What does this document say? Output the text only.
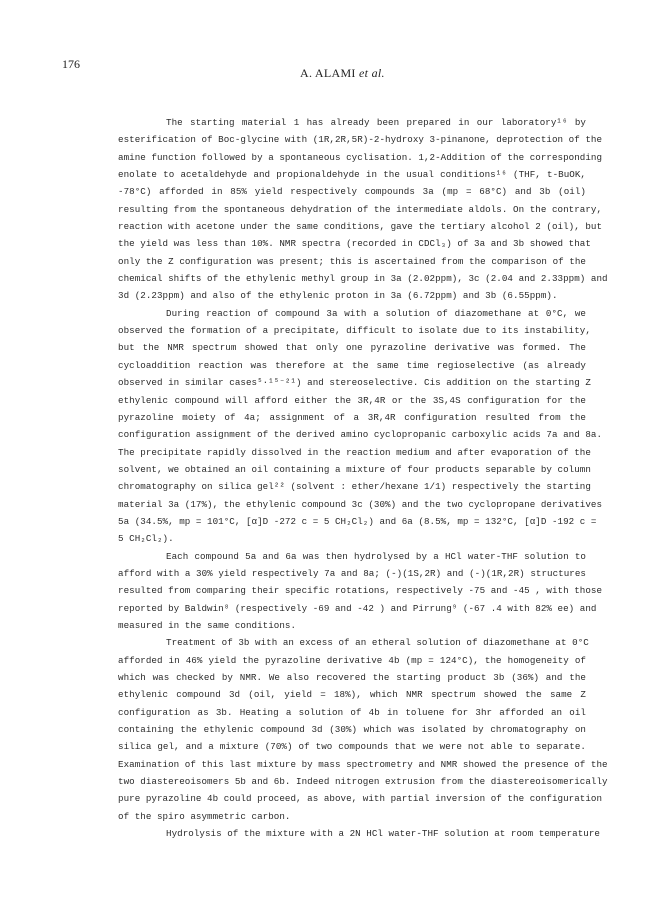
176
A. ALAMI et al.
The starting material 1 has already been prepared in our laboratory¹⁶ by
esterification of Boc-glycine with (1R,2R,5R)-2-hydroxy 3-pinanone, deprotection of the
amine function followed by a spontaneous cyclisation. 1,2-Addition of the corresponding
enolate to acetaldehyde and propionaldehyde in the usual conditions¹⁶ (THF, t-BuOK,
-78°C) afforded in 85% yield respectively compounds 3a (mp = 68°C) and 3b (oil)
resulting from the spontaneous dehydration of the intermediate aldols. On the contrary,
reaction with acetone under the same conditions, gave the tertiary alcohol 2 (oil), but
the yield was less than 10%. NMR spectra (recorded in CDCl₃) of 3a and 3b showed that
only the Z configuration was present; this is ascertained from the comparison of the
chemical shifts of the ethylenic methyl group in 3a (2.02ppm), 3c (2.04 and 2.33ppm) and
3d (2.23ppm) and also of the ethylenic proton in 3a (6.72ppm) and 3b (6.55ppm).
During reaction of compound 3a with a solution of diazomethane at 0°C, we
observed the formation of a precipitate, difficult to isolate due to its instability,
but the NMR spectrum showed that only one pyrazoline derivative was formed. The
cycloaddition reaction was therefore at the same time regioselective (as already
observed in similar cases⁵·¹⁵⁻²¹) and stereoselective. Cis addition on the starting Z
ethylenic compound will afford either the 3R,4R or the 3S,4S configuration for the
pyrazoline moiety of 4a; assignment of a 3R,4R configuration resulted from the
configuration assignment of the derived amino cyclopropanic carboxylic acids 7a and 8a.
The precipitate rapidly dissolved in the reaction medium and after evaporation of the
solvent, we obtained an oil containing a mixture of four products separable by column
chromatography on silica gel²² (solvent : ether/hexane 1/1) respectively the starting
material 3a (17%), the ethylenic compound 3c (30%) and the two cyclopropane derivatives
5a (34.5%, mp = 101°C, [α]D -272 c = 5 CH₂Cl₂) and 6a (8.5%, mp = 132°C, [α]D -192 c =
5 CH₂Cl₂).
Each compound 5a and 6a was then hydrolysed by a HCl water-THF solution to
afford with a 30% yield respectively 7a and 8a; (-)(1S,2R) and (-)(1R,2R) structures
resulted from comparing their specific rotations, respectively -75 and -45 , with those
reported by Baldwin⁸ (respectively -69 and -42 ) and Pirrung⁹ (-67 .4 with 82% ee) and
measured in the same conditions.
Treatment of 3b with an excess of an etheral solution of diazomethane at 0°C
afforded in 46% yield the pyrazoline derivative 4b (mp = 124°C), the homogeneity of
which was checked by NMR. We also recovered the starting product 3b (36%) and the
ethylenic compound 3d (oil, yield = 18%), which NMR spectrum showed the same Z
configuration as 3b. Heating a solution of 4b in toluene for 3hr afforded an oil
containing the ethylenic compound 3d (30%) which was isolated by chromatography on
silica gel, and a mixture (70%) of two compounds that we were not able to separate.
Examination of this last mixture by mass spectrometry and NMR showed the presence of the
two diastereoisomers 5b and 6b. Indeed nitrogen extrusion from the diastereoisomerically
pure pyrazoline 4b could proceed, as above, with partial inversion of the configuration
of the spiro asymmetric carbon.
Hydrolysis of the mixture with a 2N HCl water-THF solution at room temperature
